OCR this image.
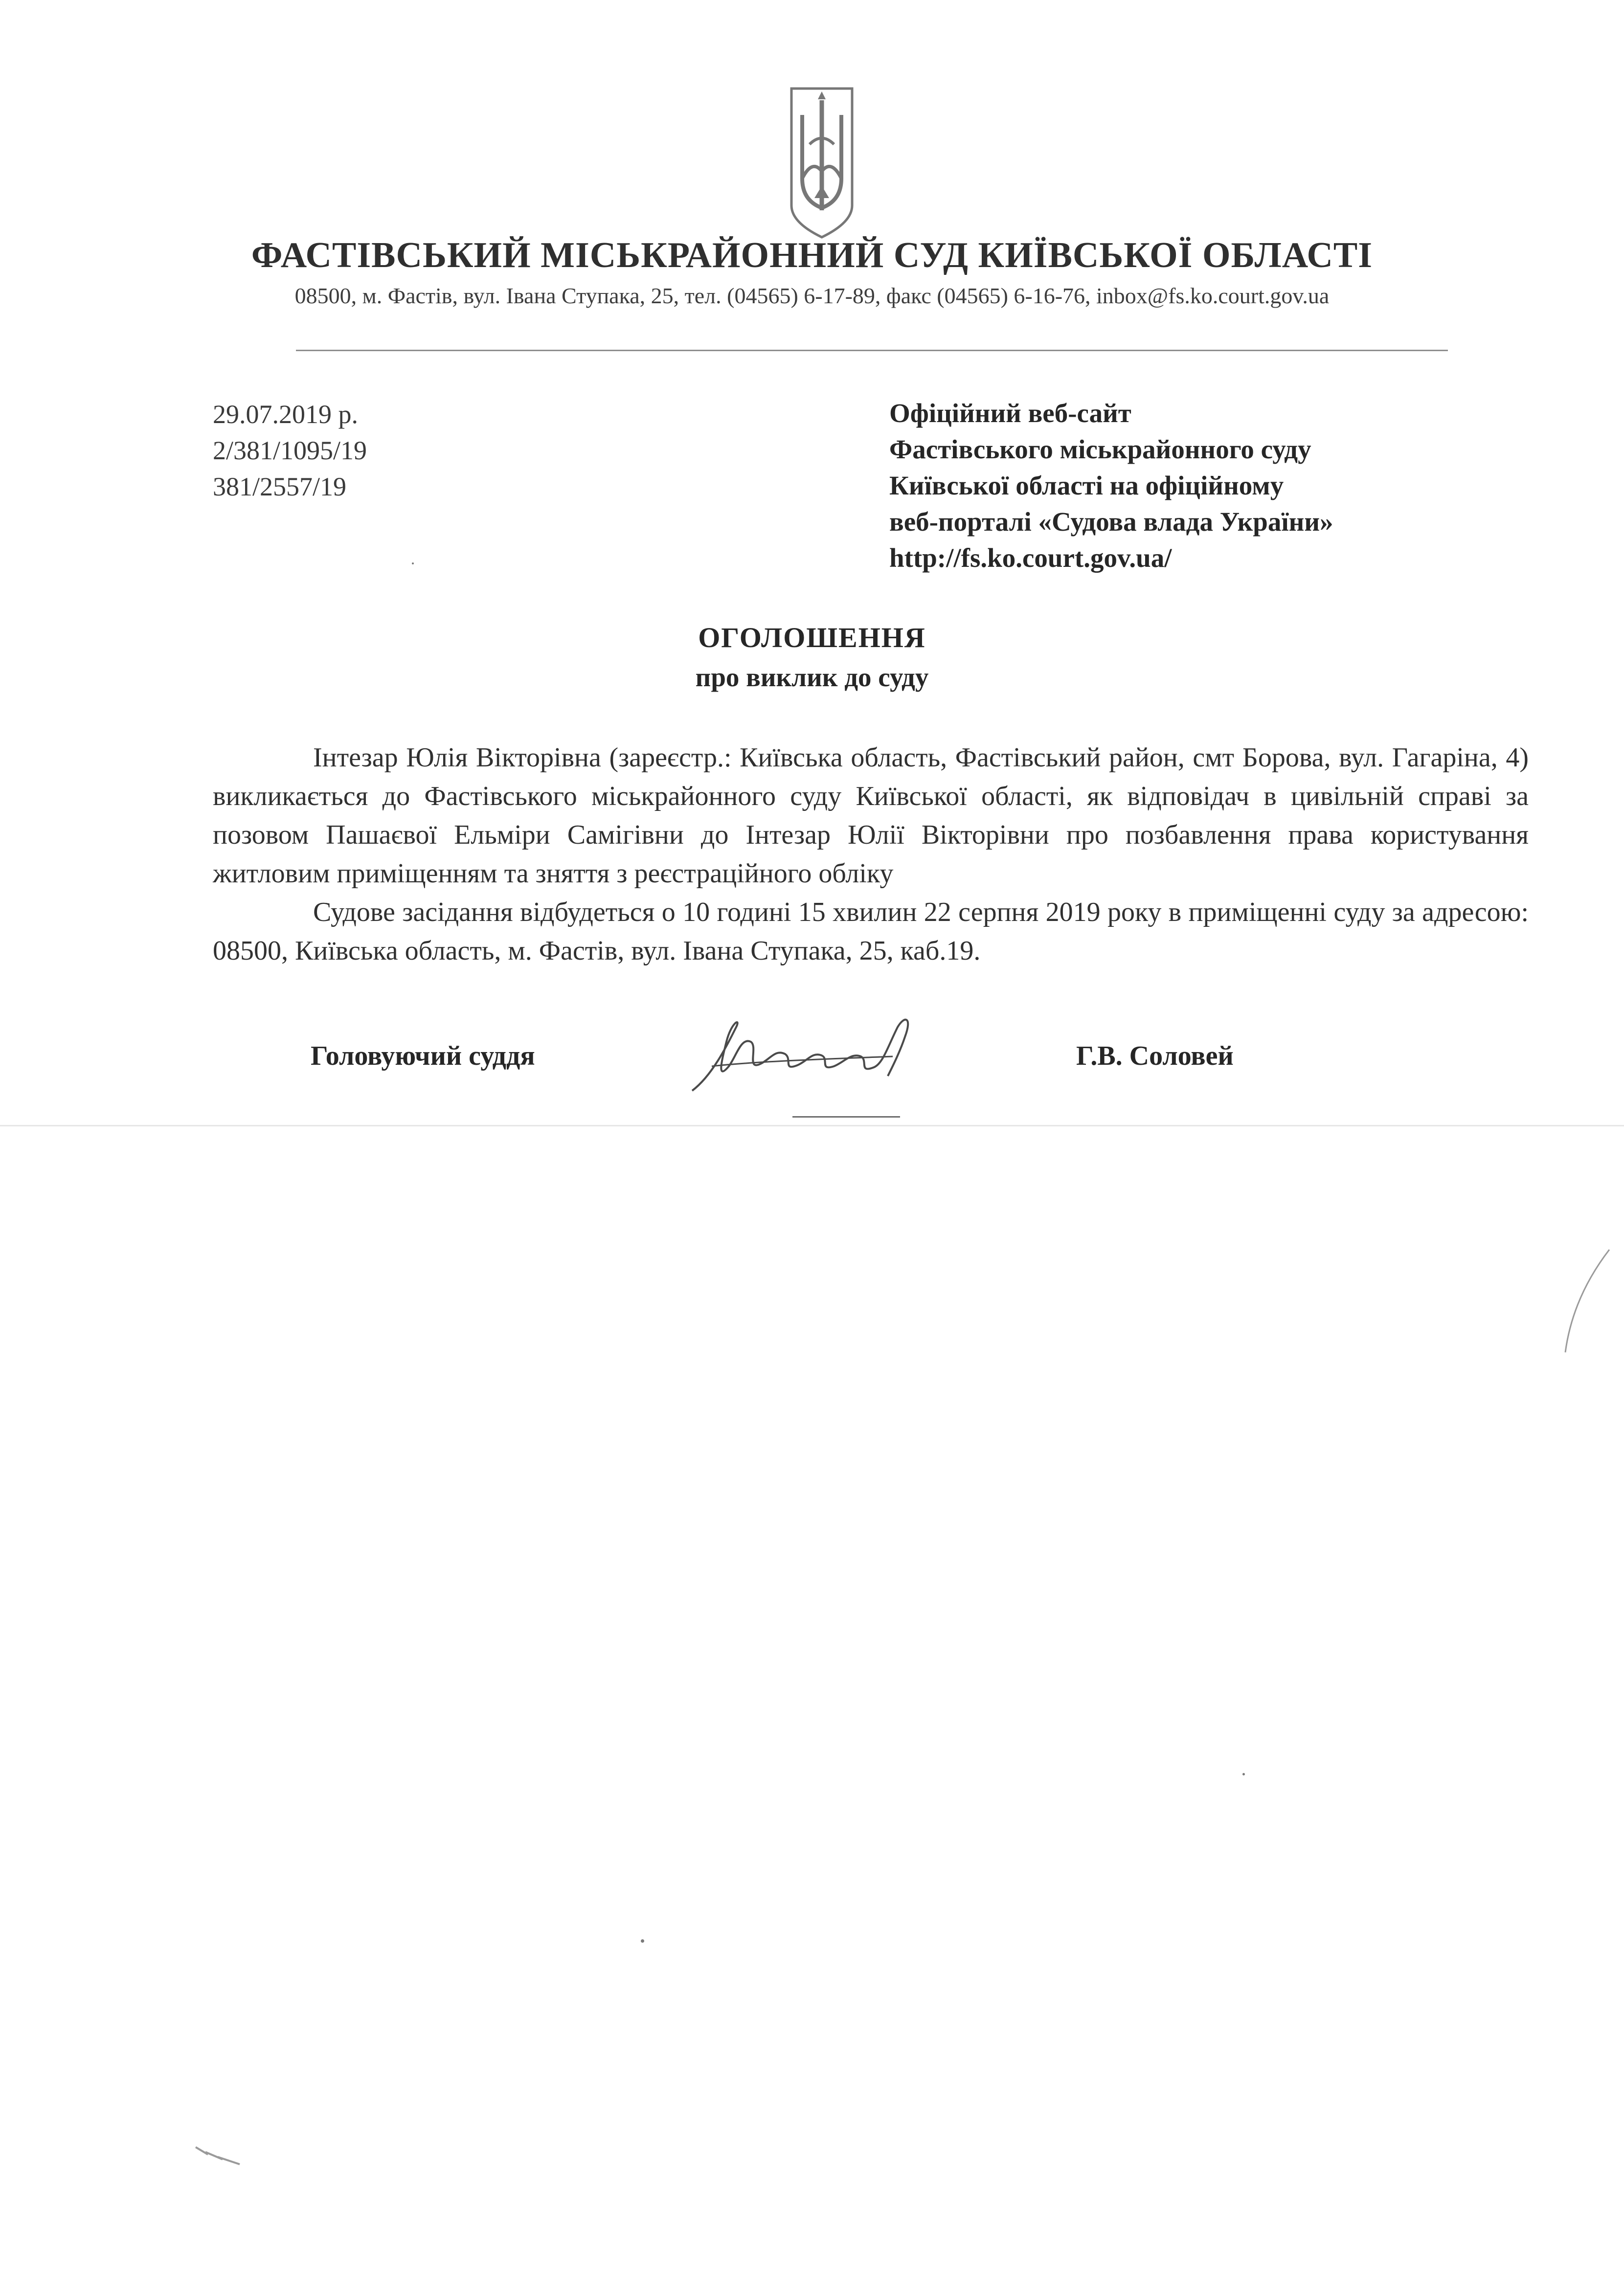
ФАСТІВСЬКИЙ МІСЬКРАЙОННИЙ СУД КИЇВСЬКОЇ ОБЛАСТІ
08500, м. Фастів, вул. Івана Ступака, 25, тел. (04565) 6-17-89, факс (04565) 6-16-76, inbox@fs.ko.court.gov.ua
29.07.2019 р.
2/381/1095/19
381/2557/19
Офіційний веб-сайт
Фастівського міськрайонного суду
Київської області на офіційному
веб-порталі «Судова влада України»
http://fs.ko.court.gov.ua/
ОГОЛОШЕННЯ
про виклик до суду

Інтезар Юлія Вікторівна (зареєстр.: Київська область, Фастівський район, смт Борова, вул. Гагаріна, 4) викликається до Фастівського міськрайонного суду Київської області, як відповідач в цивільній справі за позовом Пашаєвої Ельміри Самігівни до Інтезар Юлії Вікторівни про позбавлення права користування житловим приміщенням та зняття з реєстраційного обліку

Судове засідання відбудеться о 10 годині 15 хвилин 22 серпня 2019 року в приміщенні суду за адресою: 08500, Київська область, м. Фастів, вул. Івана Ступака, 25, каб.19.

Головуючий суддя	Г.В. Соловей
